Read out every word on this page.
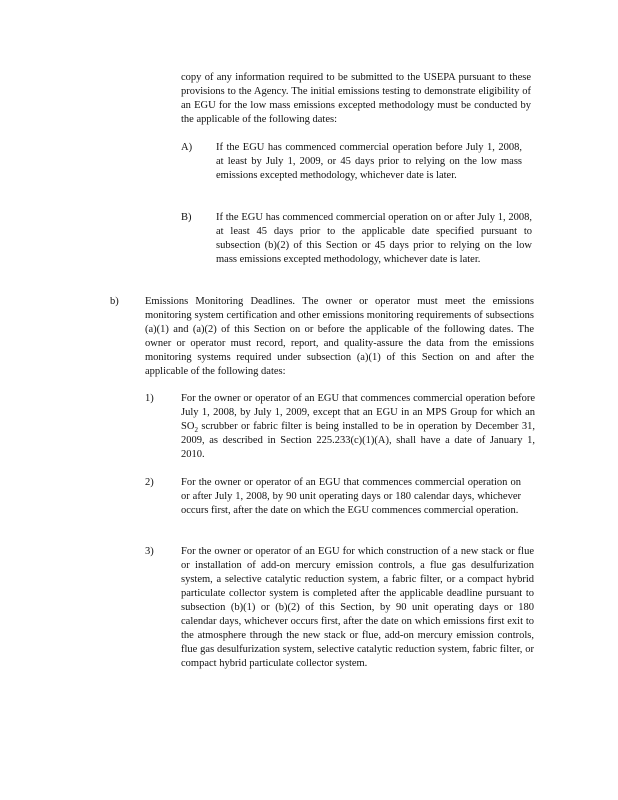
copy of any information required to be submitted to the USEPA pursuant to these provisions to the Agency. The initial emissions testing to demonstrate eligibility of an EGU for the low mass emissions excepted methodology must be conducted by the applicable of the following dates:
A) If the EGU has commenced commercial operation before July 1, 2008, at least by July 1, 2009, or 45 days prior to relying on the low mass emissions excepted methodology, whichever date is later.
B) If the EGU has commenced commercial operation on or after July 1, 2008, at least 45 days prior to the applicable date specified pursuant to subsection (b)(2) of this Section or 45 days prior to relying on the low mass emissions excepted methodology, whichever date is later.
b)	Emissions Monitoring Deadlines. The owner or operator must meet the emissions monitoring system certification and other emissions monitoring requirements of subsections (a)(1) and (a)(2) of this Section on or before the applicable of the following dates. The owner or operator must record, report, and quality-assure the data from the emissions monitoring systems required under subsection (a)(1) of this Section on and after the applicable of the following dates:
1)	For the owner or operator of an EGU that commences commercial operation before July 1, 2008, by July 1, 2009, except that an EGU in an MPS Group for which an $SO_2$ scrubber or fabric filter is being installed to be in operation by December 31, 2009, as described in Section 225.233(c)(1)(A), shall have a date of January 1, 2010.
2)	For the owner or operator of an EGU that commences commercial operation on or after July 1, 2008, by 90 unit operating days or 180 calendar days, whichever occurs first, after the date on which the EGU commences commercial operation.
3)	For the owner or operator of an EGU for which construction of a new stack or flue or installation of add-on mercury emission controls, a flue gas desulfurization system, a selective catalytic reduction system, a fabric filter, or a compact hybrid particulate collector system is completed after the applicable deadline pursuant to subsection (b)(1) or (b)(2) of this Section, by 90 unit operating days or 180 calendar days, whichever occurs first, after the date on which emissions first exit to the atmosphere through the new stack or flue, add-on mercury emission controls, flue gas desulfurization system, selective catalytic reduction system, fabric filter, or compact hybrid particulate collector system.
